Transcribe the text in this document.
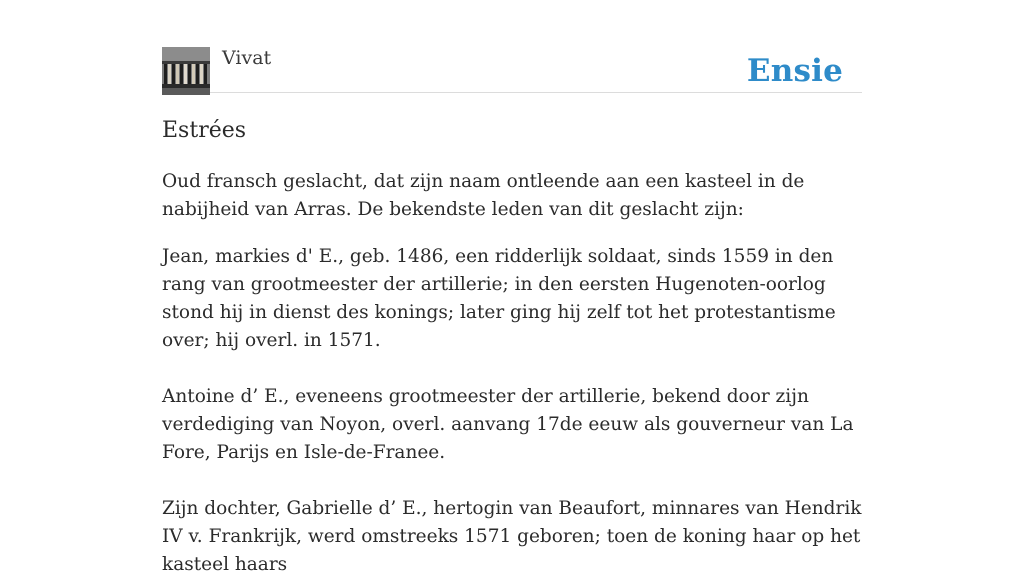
Vivat	Ensie
Estrées

Oud fransch geslacht, dat zijn naam ontleende aan een kasteel in de nabijheid van Arras. De bekendste leden van dit geslacht zijn:

Jean, markies d' E., geb. 1486, een ridderlijk soldaat, sinds 1559 in den rang van grootmeester der artillerie; in den eersten Hugenoten-oorlog stond hij in dienst des konings; later ging hij zelf tot het protestantisme over; hij overl. in 1571.

Antoine d’ E., eveneens grootmeester der artillerie, bekend door zijn verdediging van Noyon, overl. aanvang 17de eeuw als gouverneur van La Fore, Parijs en Isle-de-Franee.

Zijn dochter, Gabrielle d’ E., hertogin van Beaufort, minnares van Hendrik IV v. Frankrijk, werd omstreeks 1571 geboren; toen de koning haar op het kasteel haars
